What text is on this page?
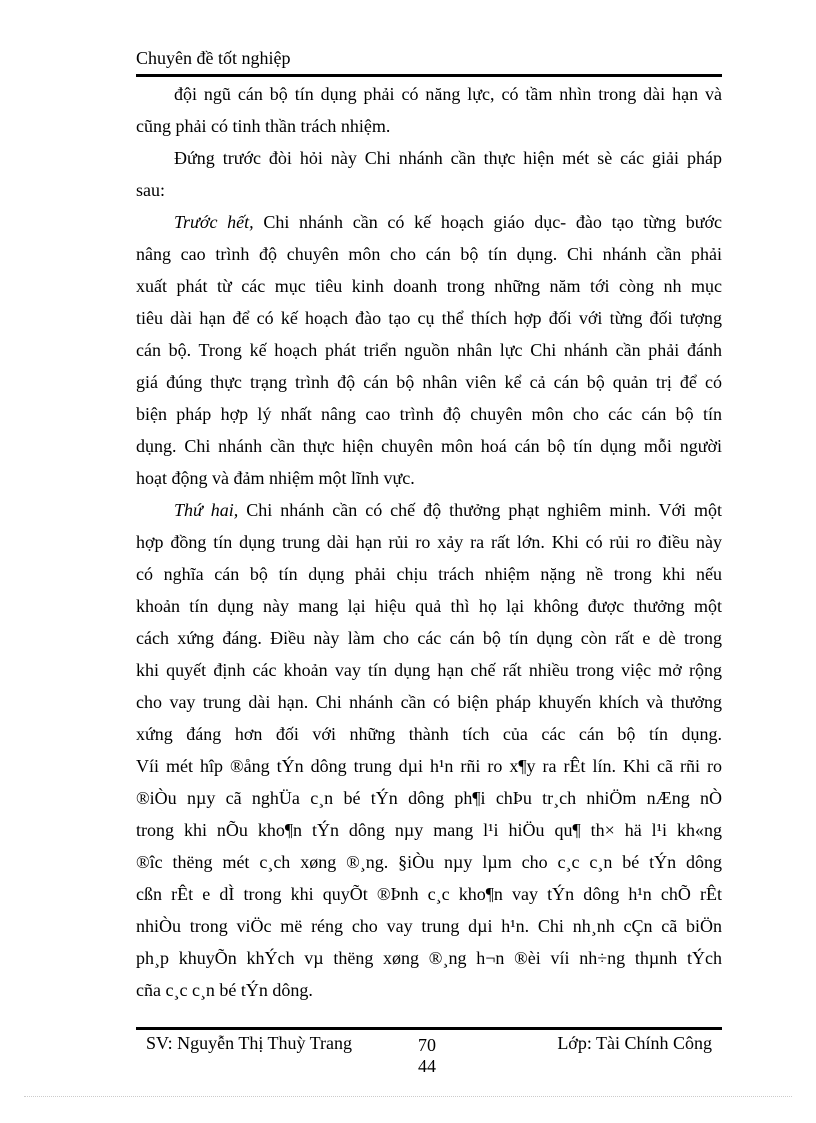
Chuyên đề tốt nghiệp
đội ngũ cán bộ tín dụng phải có năng lực, có tầm nhìn trong dài hạn và
cũng phải có tinh thần trách nhiệm.
Đứng trước đòi hỏi này Chi nhánh cần thực hiện mét sè các giải pháp
sau:
Trước hết, Chi nhánh cần có kế hoạch giáo dục- đào tạo từng bước
nâng cao trình độ chuyên môn cho cán bộ tín dụng. Chi nhánh cần phải
xuất phát từ các mục tiêu kinh doanh trong những năm tới còng nh mục
tiêu dài hạn để có kế hoạch đào tạo cụ thể thích hợp đối với từng đối tượng
cán bộ. Trong kế hoạch phát triển nguồn nhân lực Chi nhánh cần phải đánh
giá đúng thực trạng trình độ cán bộ nhân viên kể cả cán bộ quản trị để có
biện pháp hợp lý nhất nâng cao trình độ chuyên môn cho các cán bộ tín
dụng. Chi nhánh cần thực hiện chuyên môn hoá cán bộ tín dụng mỗi người
hoạt động và đảm nhiệm một lĩnh vực.
Thứ hai, Chi nhánh cần có chế độ thưởng phạt nghiêm minh. Với một
hợp đồng tín dụng trung dài hạn rủi ro xảy ra rất lớn. Khi có rủi ro điều này
có nghĩa cán bộ tín dụng phải chịu trách nhiệm nặng nề trong khi nếu
khoản tín dụng này mang lại hiệu quả thì họ lại không được thưởng một
cách xứng đáng. Điều này làm cho các cán bộ tín dụng còn rất e dè trong
khi quyết định các khoản vay tín dụng hạn chế rất nhiều trong việc mở rộng
cho vay trung dài hạn. Chi nhánh cần có biện pháp khuyến khích và thưởng
xứng đáng hơn đối với những thành tích của các cán bộ tín dụng.
Víi mét hîp ®ång tÝn dông trung dµi h¹n rñi ro x¶y ra rÊt lín. Khi cã rñi ro
®iÒu nµy cã nghÜa c¸n bé tÝn dông ph¶i chÞu tr¸ch nhiÖm nÆng nÒ
trong khi nÕu kho¶n tÝn dông nµy mang l¹i hiÖu qu¶ th× hä l¹i kh«ng
®îc thëng mét c¸ch xøng ®¸ng. §iÒu nµy lµm cho c¸c c¸n bé tÝn dông
cßn rÊt e dÌ trong khi quyÕt ®Þnh c¸c kho¶n vay tÝn dông h¹n chÕ rÊt
nhiÒu trong viÖc më réng cho vay trung dµi h¹n. Chi nh¸nh cÇn cã biÖn
ph¸p khuyÕn khÝch vµ thëng xøng ®¸ng h¬n ®èi víi nh÷ng thµnh tÝch
cña c¸c c¸n bé tÝn dông.
SV: Nguyễn Thị Thuỳ Trang	70
44
Lớp: Tài Chính Công
